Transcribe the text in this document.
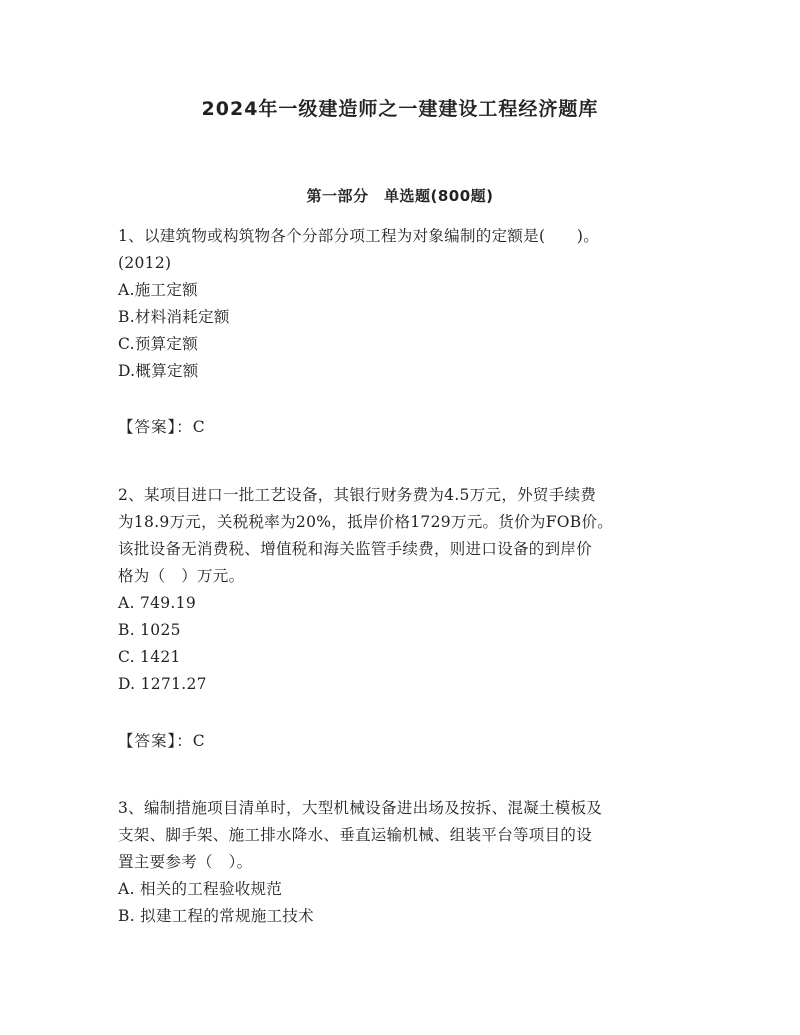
2024年一级建造师之一建建设工程经济题库
第一部分　单选题(800题)
1、以建筑物或构筑物各个分部分项工程为对象编制的定额是(　　)。
(2012)
A.施工定额
B.材料消耗定额
C.预算定额
D.概算定额
【答案】：C
2、某项目进口一批工艺设备，其银行财务费为4.5万元，外贸手续费
为18.9万元，关税税率为20%，抵岸价格1729万元。货价为FOB价。
该批设备无消费税、增值税和海关监管手续费，则进口设备的到岸价
格为（　）万元。
A. 749.19
B. 1025
C. 1421
D. 1271.27
【答案】：C
3、编制措施项目清单时，大型机械设备进出场及按拆、混凝土模板及
支架、脚手架、施工排水降水、垂直运输机械、组装平台等项目的设
置主要参考（　）。
A. 相关的工程验收规范
B. 拟建工程的常规施工技术
